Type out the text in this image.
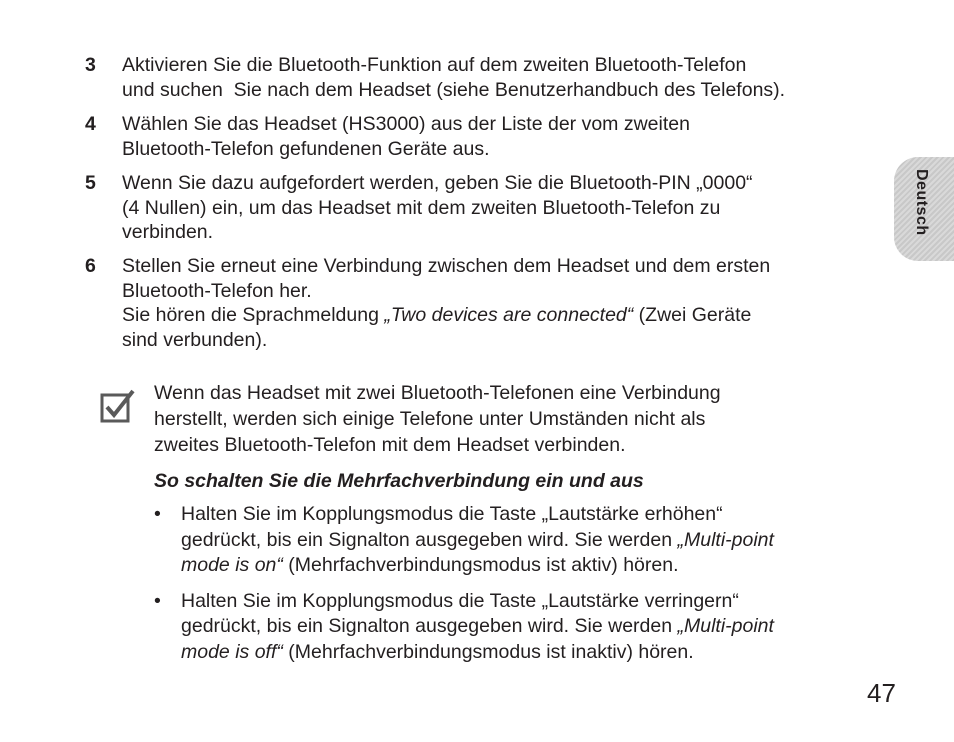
3 Aktivieren Sie die Bluetooth-Funktion auf dem zweiten Bluetooth-Telefon

und suchen  Sie nach dem Headset (siehe Benutzerhandbuch des Telefons).

4 Wählen Sie das Headset (HS3000) aus der Liste der vom zweiten

Bluetooth-Telefon gefundenen Geräte aus.

5 Wenn Sie dazu aufgefordert werden, geben Sie die Bluetooth-PIN „0000“

(4 Nullen) ein, um das Headset mit dem zweiten Bluetooth-Telefon zu

verbinden.

6 Stellen Sie erneut eine Verbindung zwischen dem Headset und dem ersten

Bluetooth-Telefon her.

Sie hören die Sprachmeldung „Two devices are connected“ (Zwei Geräte

sind verbunden).

Wenn das Headset mit zwei Bluetooth-Telefonen eine Verbindung

herstellt, werden sich einige Telefone unter Umständen nicht als

zweites Bluetooth-Telefon mit dem Headset verbinden.

So schalten Sie die Mehrfachverbindung ein und aus

• Halten Sie im Kopplungsmodus die Taste „Lautstärke erhöhen“
gedrückt, bis ein Signalton ausgegeben wird. Sie werden „Multi-point
mode is on“ (Mehrfachverbindungsmodus ist aktiv) hören.
• Halten Sie im Kopplungsmodus die Taste „Lautstärke verringern“
gedrückt, bis ein Signalton ausgegeben wird. Sie werden „Multi-point
mode is off“ (Mehrfachverbindungsmodus ist inaktiv) hören.
Deutsch
47
